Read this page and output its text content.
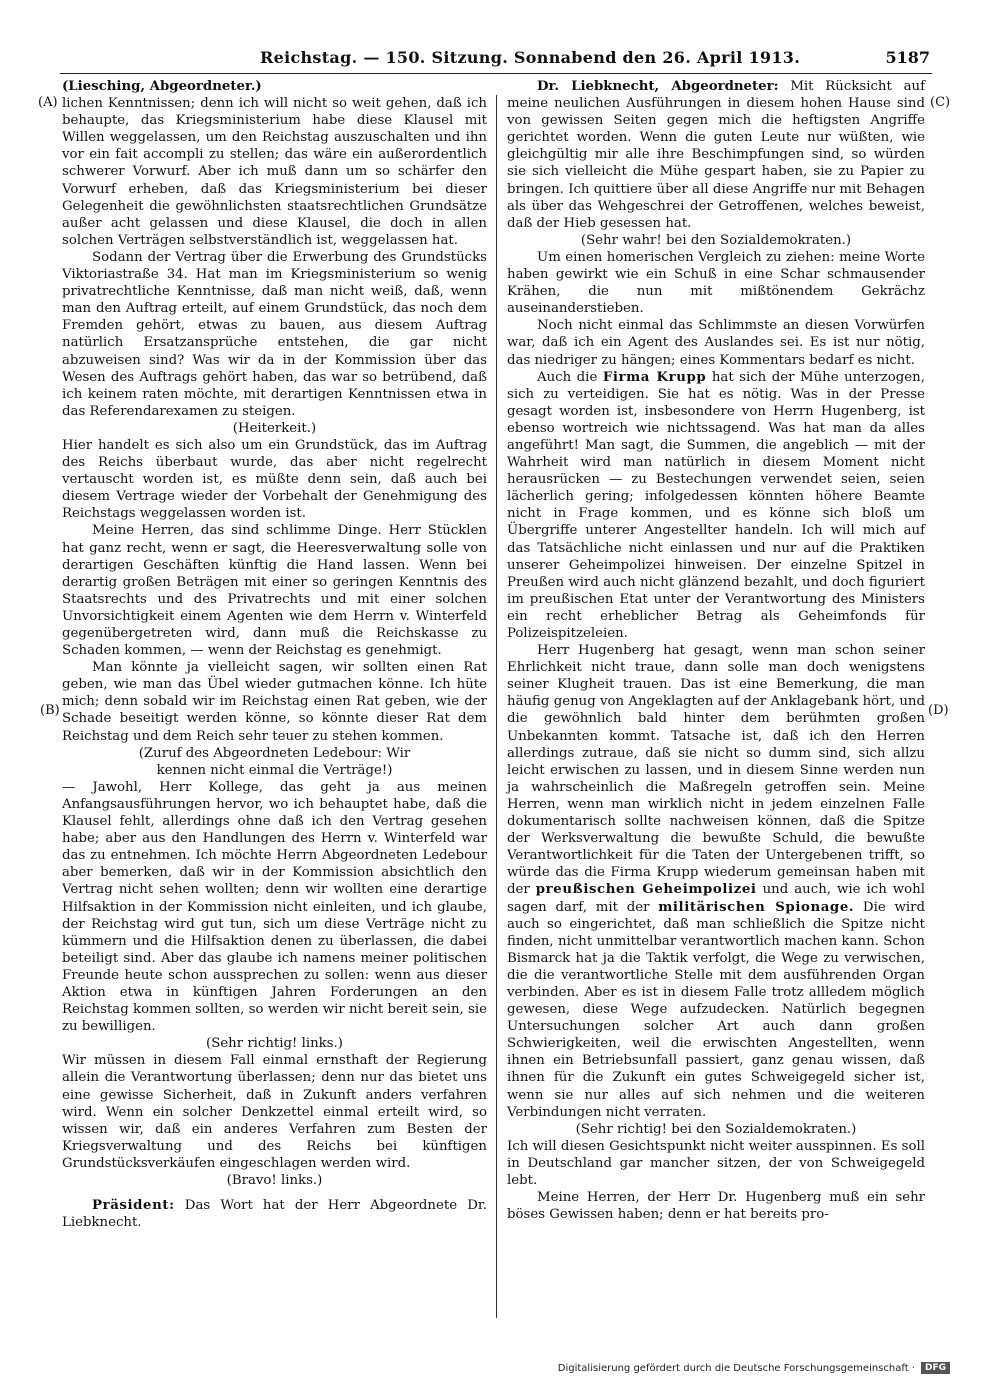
Reichstag. — 150. Sitzung. Sonnabend den 26. April 1913.	5187
(A)
(B)
(C)
(D)

(Liesching, Abgeordneter.)

lichen Kenntnissen; denn ich will nicht so weit gehen, daß ich behaupte, das Kriegsministerium habe diese Klausel mit Willen weggelassen, um den Reichstag auszuschalten und ihn vor ein fait accompli zu stellen; das wäre ein außerordentlich schwerer Vorwurf. Aber ich muß dann um so schärfer den Vorwurf erheben, daß das Kriegsministerium bei dieser Gelegenheit die gewöhnlichsten staatsrechtlichen Grundsätze außer acht gelassen und diese Klausel, die doch in allen solchen Verträgen selbstverständlich ist, weggelassen hat.

Sodann der Vertrag über die Erwerbung des Grundstücks Viktoriastraße 34. Hat man im Kriegsministerium so wenig privatrechtliche Kenntnisse, daß man nicht weiß, daß, wenn man den Auftrag erteilt, auf einem Grundstück, das noch dem Fremden gehört, etwas zu bauen, aus diesem Auftrag natürlich Ersatzansprüche entstehen, die gar nicht abzuweisen sind? Was wir da in der Kommission über das Wesen des Auftrags gehört haben, das war so betrübend, daß ich keinem raten möchte, mit derartigen Kenntnissen etwa in das Referendarexamen zu steigen.

(Heiterkeit.)

Hier handelt es sich also um ein Grundstück, das im Auftrag des Reichs überbaut wurde, das aber nicht regelrecht vertauscht worden ist, es müßte denn sein, daß auch bei diesem Vertrage wieder der Vorbehalt der Genehmigung des Reichstags weggelassen worden ist.

Meine Herren, das sind schlimme Dinge. Herr Stücklen hat ganz recht, wenn er sagt, die Heeresverwaltung solle von derartigen Geschäften künftig die Hand lassen. Wenn bei derartig großen Beträgen mit einer so geringen Kenntnis des Staatsrechts und des Privatrechts und mit einer solchen Unvorsichtigkeit einem Agenten wie dem Herrn v. Winterfeld gegenübergetreten wird, dann muß die Reichskasse zu Schaden kommen, — wenn der Reichstag es genehmigt.

Man könnte ja vielleicht sagen, wir sollten einen Rat geben, wie man das Übel wieder gutmachen könne. Ich hüte mich; denn sobald wir im Reichstag einen Rat geben, wie der Schade beseitigt werden könne, so könnte dieser Rat dem Reichstag und dem Reich sehr teuer zu stehen kommen.

(Zuruf des Abgeordneten Ledebour: Wir kennen nicht einmal die Verträge!)

— Jawohl, Herr Kollege, das geht ja aus meinen Anfangsausführungen hervor, wo ich behauptet habe, daß die Klausel fehlt, allerdings ohne daß ich den Vertrag gesehen habe; aber aus den Handlungen des Herrn v. Winterfeld war das zu entnehmen. Ich möchte Herrn Abgeordneten Ledebour aber bemerken, daß wir in der Kommission absichtlich den Vertrag nicht sehen wollten; denn wir wollten eine derartige Hilfsaktion in der Kommission nicht einleiten, und ich glaube, der Reichstag wird gut tun, sich um diese Verträge nicht zu kümmern und die Hilfsaktion denen zu überlassen, die dabei beteiligt sind. Aber das glaube ich namens meiner politischen Freunde heute schon aussprechen zu sollen: wenn aus dieser Aktion etwa in künftigen Jahren Forderungen an den Reichstag kommen sollten, so werden wir nicht bereit sein, sie zu bewilligen.

(Sehr richtig! links.)

Wir müssen in diesem Fall einmal ernsthaft der Regierung allein die Verantwortung überlassen; denn nur das bietet uns eine gewisse Sicherheit, daß in Zukunft anders verfahren wird. Wenn ein solcher Denkzettel einmal erteilt wird, so wissen wir, daß ein anderes Verfahren zum Besten der Kriegsverwaltung und des Reichs bei künftigen Grundstücksverkäufen eingeschlagen werden wird.

(Bravo! links.)

Präsident: Das Wort hat der Herr Abgeordnete Dr. Liebknecht.

Dr. Liebknecht, Abgeordneter: Mit Rücksicht auf meine neulichen Ausführungen in diesem hohen Hause sind von gewissen Seiten gegen mich die heftigsten Angriffe gerichtet worden. Wenn die guten Leute nur wüßten, wie gleichgültig mir alle ihre Beschimpfungen sind, so würden sie sich vielleicht die Mühe gespart haben, sie zu Papier zu bringen. Ich quittiere über all diese Angriffe nur mit Behagen als über das Wehgeschrei der Getroffenen, welches beweist, daß der Hieb gesessen hat.

(Sehr wahr! bei den Sozialdemokraten.)

Um einen homerischen Vergleich zu ziehen: meine Worte haben gewirkt wie ein Schuß in eine Schar schmausender Krähen, die nun mit mißtönendem Gekrächz auseinanderstieben.

Noch nicht einmal das Schlimmste an diesen Vorwürfen war, daß ich ein Agent des Auslandes sei. Es ist nur nötig, das niedriger zu hängen; eines Kommentars bedarf es nicht.

Auch die Firma Krupp hat sich der Mühe unterzogen, sich zu verteidigen. Sie hat es nötig. Was in der Presse gesagt worden ist, insbesondere von Herrn Hugenberg, ist ebenso wortreich wie nichtssagend. Was hat man da alles angeführt! Man sagt, die Summen, die angeblich — mit der Wahrheit wird man natürlich in diesem Moment nicht herausrücken — zu Bestechungen verwendet seien, seien lächerlich gering; infolgedessen könnten höhere Beamte nicht in Frage kommen, und es könne sich bloß um Übergriffe unterer Angestellter handeln. Ich will mich auf das Tatsächliche nicht einlassen und nur auf die Praktiken unserer Geheimpolizei hinweisen. Der einzelne Spitzel in Preußen wird auch nicht glänzend bezahlt, und doch figuriert im preußischen Etat unter der Verantwortung des Ministers ein recht erheblicher Betrag als Geheimfonds für Polizeispitzeleien.

Herr Hugenberg hat gesagt, wenn man schon seiner Ehrlichkeit nicht traue, dann solle man doch wenigstens seiner Klugheit trauen. Das ist eine Bemerkung, die man häufig genug von Angeklagten auf der Anklagebank hört, und die gewöhnlich bald hinter dem berühmten großen Unbekannten kommt. Tatsache ist, daß ich den Herren allerdings zutraue, daß sie nicht so dumm sind, sich allzu leicht erwischen zu lassen, und in diesem Sinne werden nun ja wahrscheinlich die Maßregeln getroffen sein. Meine Herren, wenn man wirklich nicht in jedem einzelnen Falle dokumentarisch sollte nachweisen können, daß die Spitze der Werksverwaltung die bewußte Schuld, die bewußte Verantwortlichkeit für die Taten der Untergebenen trifft, so würde das die Firma Krupp wiederum gemeinsan haben mit der preußischen Geheimpolizei und auch, wie ich wohl sagen darf, mit der militärischen Spionage. Die wird auch so eingerichtet, daß man schließlich die Spitze nicht finden, nicht unmittelbar verantwortlich machen kann. Schon Bismarck hat ja die Taktik verfolgt, die Wege zu verwischen, die die verantwortliche Stelle mit dem ausführenden Organ verbinden. Aber es ist in diesem Falle trotz allledem möglich gewesen, diese Wege aufzudecken. Natürlich begegnen Untersuchungen solcher Art auch dann großen Schwierigkeiten, weil die erwischten Angestellten, wenn ihnen ein Betriebsunfall passiert, ganz genau wissen, daß ihnen für die Zukunft ein gutes Schweigegeld sicher ist, wenn sie nur alles auf sich nehmen und die weiteren Verbindungen nicht verraten.

(Sehr richtig! bei den Sozialdemokraten.)

Ich will diesen Gesichtspunkt nicht weiter ausspinnen. Es soll in Deutschland gar mancher sitzen, der von Schweigegeld lebt.

Meine Herren, der Herr Dr. Hugenberg muß ein sehr böses Gewissen haben; denn er hat bereits pro-

Digitalisierung gefördert durch die Deutsche Forschungsgemeinschaft ·	DFG
